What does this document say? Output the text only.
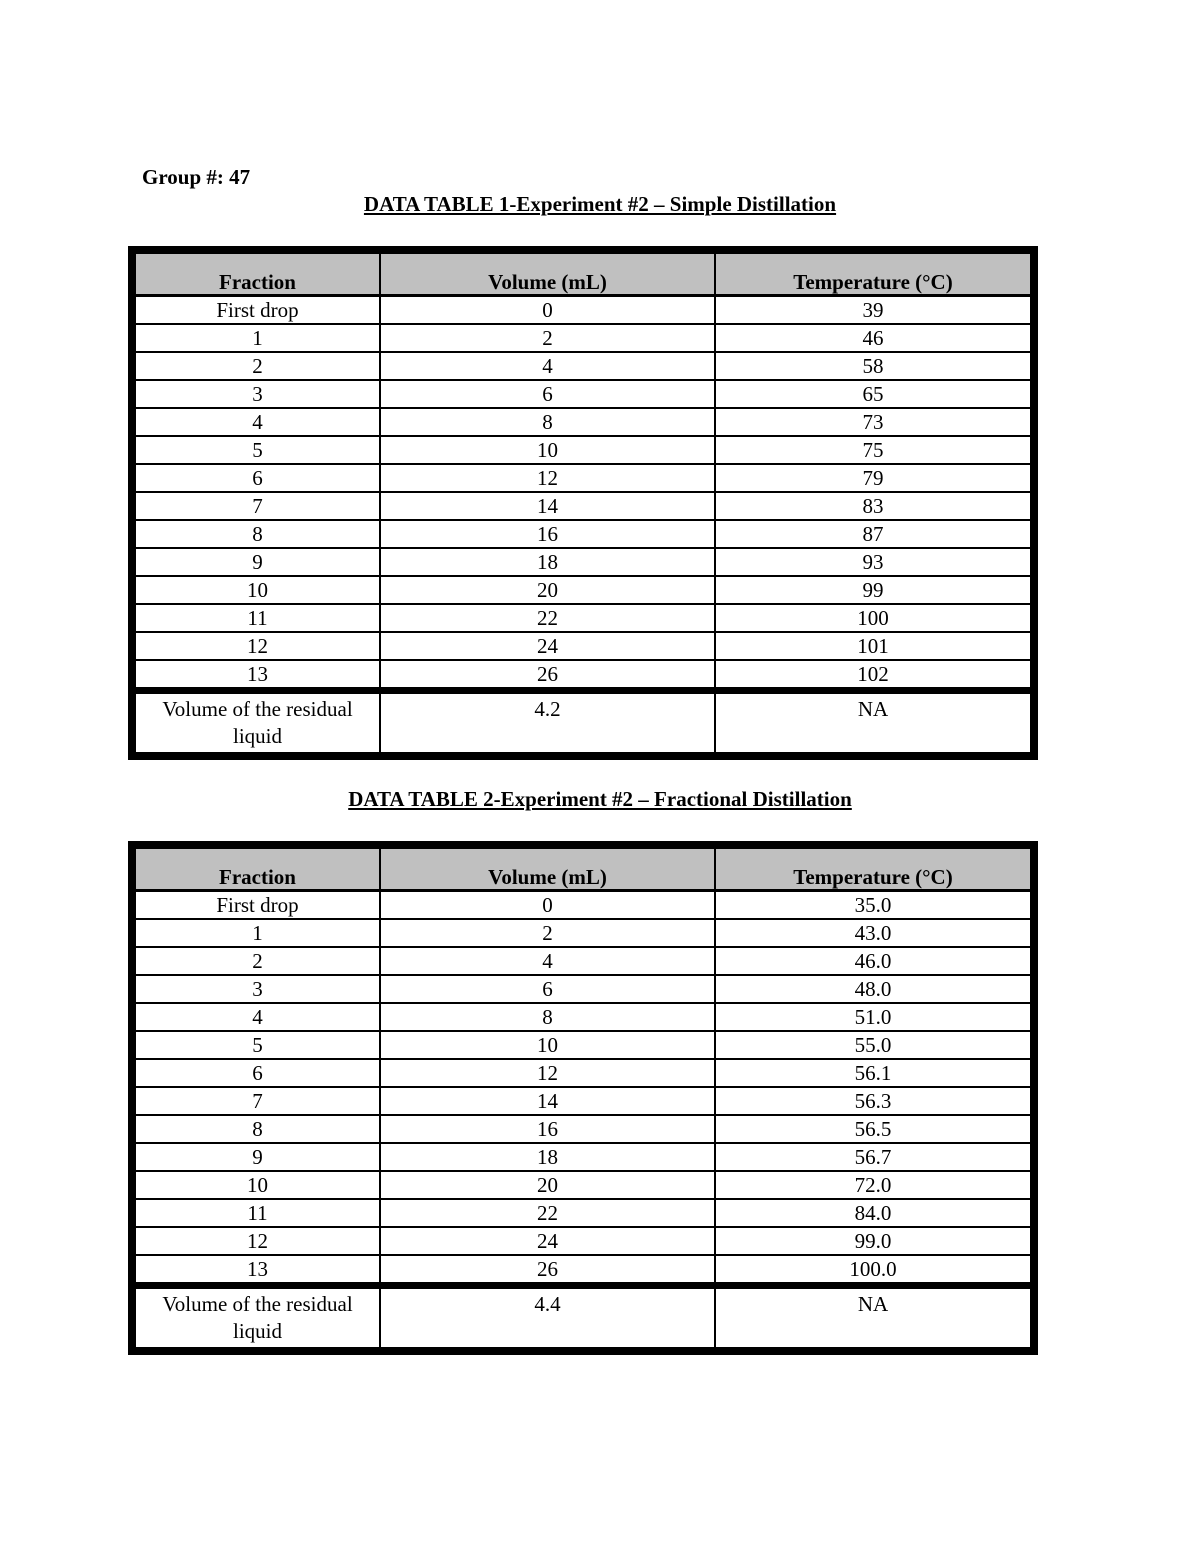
Group #: 47
DATA TABLE 1-Experiment #2 – Simple Distillation
Fraction	Volume (mL)	Temperature (°C)
First drop	0	39
1	2	46
2	4	58
3	6	65
4	8	73
5	10	75
6	12	79
7	14	83
8	16	87
9	18	93
10	20	99
11	22	100
12	24	101
13	26	102
Volume of the residual liquid	4.2	NA
DATA TABLE 2-Experiment #2 – Fractional Distillation
Fraction	Volume (mL)	Temperature (°C)
First drop	0	35.0
1	2	43.0
2	4	46.0
3	6	48.0
4	8	51.0
5	10	55.0
6	12	56.1
7	14	56.3
8	16	56.5
9	18	56.7
10	20	72.0
11	22	84.0
12	24	99.0
13	26	100.0
Volume of the residual liquid	4.4	NA
